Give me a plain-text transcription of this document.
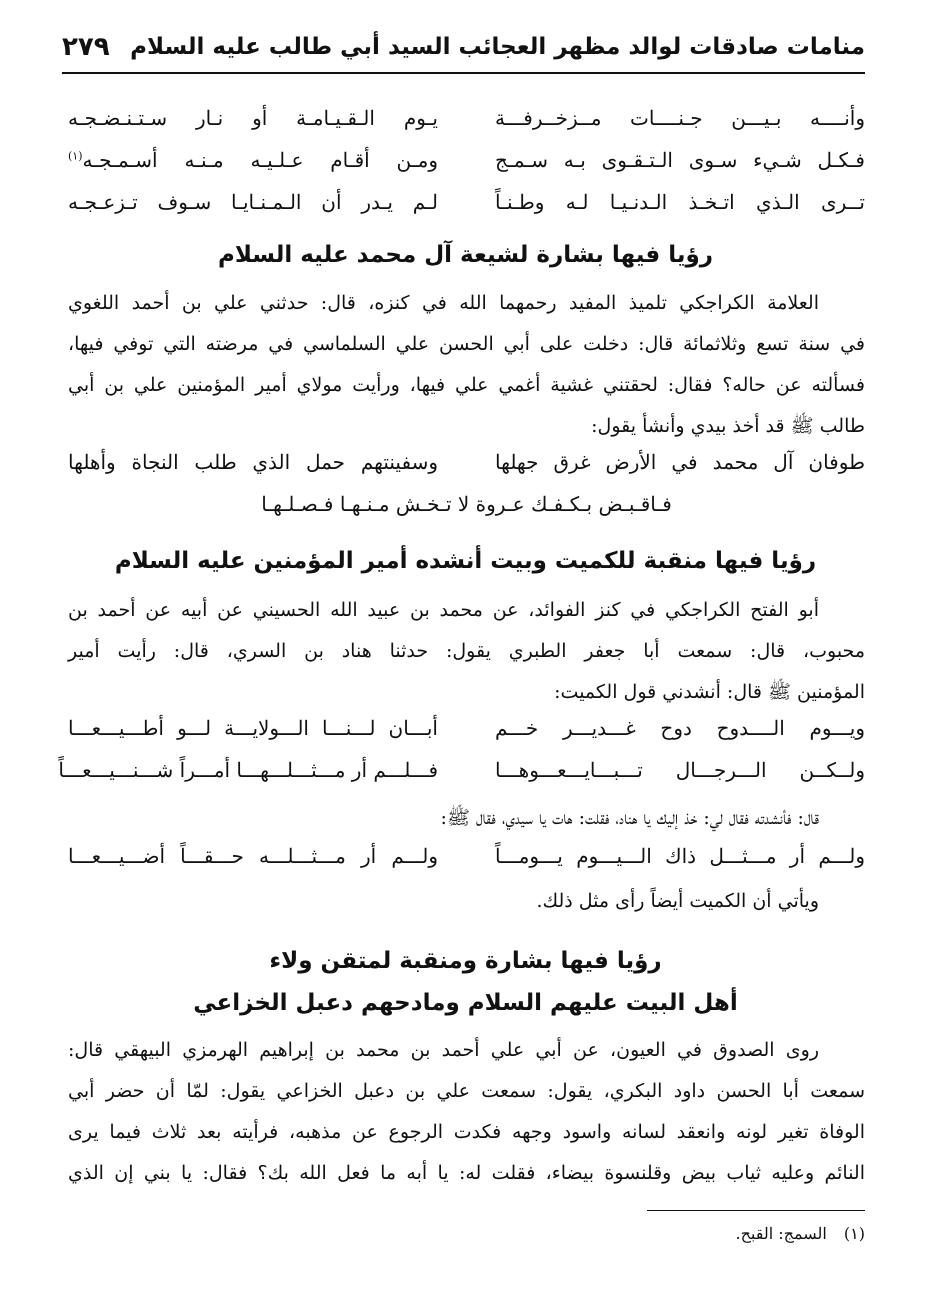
منامات صادقات لوالد مظهر العجائب السيد أبي طالب عليه السلام
٢٧٩
وأنــــه بـيـــن جـنــــات مــزخــرفـــة
يـوم الـقـيـامـة أو نـار سـتـنـضـجـه
فـكـل شـيء سـوى الـتـقـوى بـه سـمـج
ومـن أقـام عـلـيـه مـنـه أسـمـجـه$^{(١)}$
تــرى الـذي اتـخـذ الـدنـيـا لـه وطـنـاً
لـم يـدر أن الـمـنـايـا سـوف تـزعـجـه
رؤيا فيها بشارة لشيعة آل محمد عليه السلام

العلامة الكراجكي تلميذ المفيد رحمهما الله في كنزه، قال: حدثني علي بن أحمد اللغوي
في سنة تسع وثلاثمائة قال: دخلت على أبي الحسن علي السلماسي في مرضته التي توفي فيها،
فسألته عن حاله؟ فقال: لحقتني غشية أغمي علي فيها، ورأيت مولاي أمير المؤمنين علي بن أبي
طالب ﷺ قد أخذ بيدي وأنشأ يقول:

طوفان آل محمد في الأرض غرق جهلها
وسفينتهم حمل الذي طلب النجاة وأهلها
فـاقـبـض بـكـفـك عـروة لا تـخـش مـنـهـا فـصـلـهـا
رؤيا فيها منقبة للكميت وبيت أنشده أمير المؤمنين عليه السلام

أبو الفتح الكراجكي في كنز الفوائد، عن محمد بن عبيد الله الحسيني عن أبيه عن أحمد بن
محبوب، قال: سمعت أبا جعفر الطبري يقول: حدثنا هناد بن السري، قال: رأيت أمير
المؤمنين ﷺ قال: أنشدني قول الكميت:

ويـــوم الــــدوح دوح غـــديـــر خـــم
أبـــان لـــنـــا الـــولايـــة لـــو أطـــيـــعـــا
ولــكــن الـــرجـــال تـــبـــايـــعـــوهـــا
فـــلـــم أر مـــثـــلـــهـــا أمـــراً شـــنـــيـــعـــاً

قال: فأنشدته فقال لي: خذ إليك يا هناد، فقلت: هات يا سيدي، فقال ﷺ:

ولـــم أر مـــثـــل ذاك الـــيـــوم يـــومـــاً
ولـــم أر مـــثـــلـــه حـــقـــاً أضـــيـــعـــا

ويأتي أن الكميت أيضاً رأى مثل ذلك.

رؤيا فيها بشارة ومنقبة لمتقن ولاء
أهل البيت عليهم السلام ومادحهم دعبل الخزاعي

روى الصدوق في العيون، عن أبي علي أحمد بن محمد بن إبراهيم الهرمزي البيهقي قال:
سمعت أبا الحسن داود البكري، يقول: سمعت علي بن دعبل الخزاعي يقول: لمّا أن حضر أبي
الوفاة تغير لونه وانعقد لسانه واسود وجهه فكدت الرجوع عن مذهبه، فرأيته بعد ثلاث فيما يرى
النائم وعليه ثياب بيض وقلنسوة بيضاء، فقلت له: يا أبه ما فعل الله بك؟ فقال: يا بني إن الذي

(١) السمج: القبح.
